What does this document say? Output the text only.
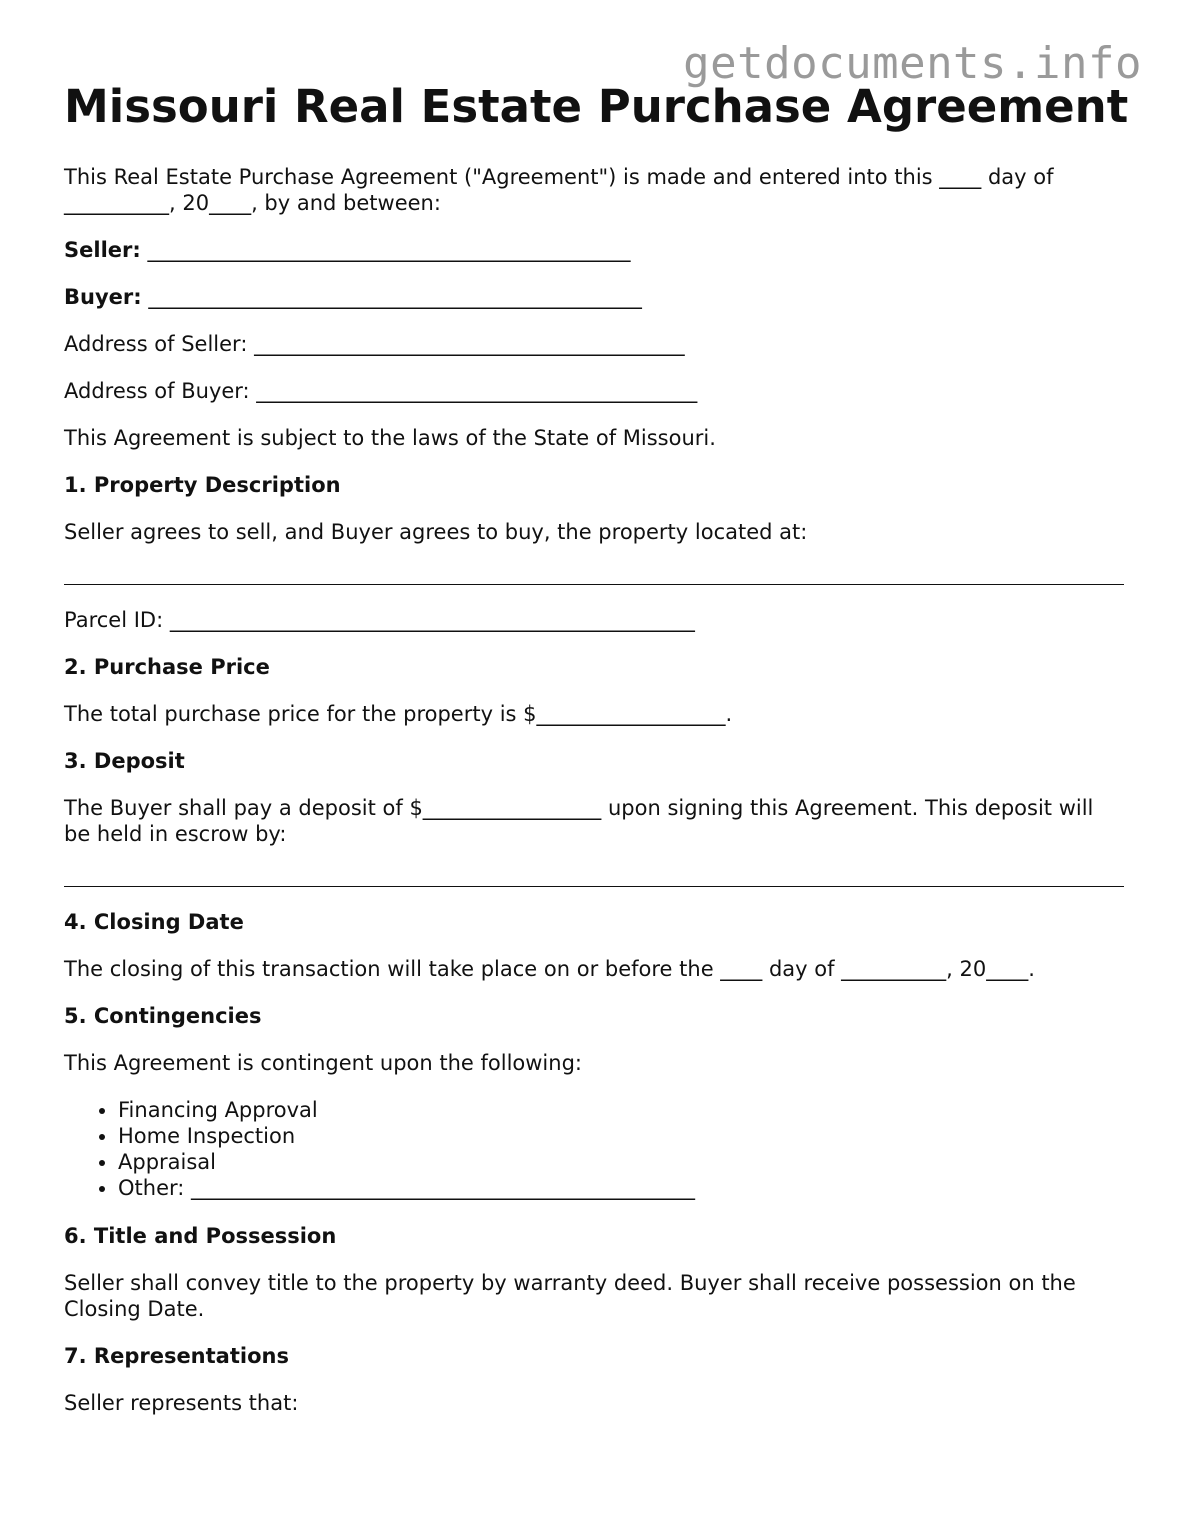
getdocuments.info
Missouri Real Estate Purchase Agreement

This Real Estate Purchase Agreement ("Agreement") is made and entered into this ____ day of __________, 20____, by and between:

Seller: ______________________________________________

Buyer: _______________________________________________

Address of Seller: _________________________________________

Address of Buyer: __________________________________________

This Agreement is subject to the laws of the State of Missouri.

1. Property Description

Seller agrees to sell, and Buyer agrees to buy, the property located at:

Parcel ID: __________________________________________________

2. Purchase Price

The total purchase price for the property is $__________________.

3. Deposit

The Buyer shall pay a deposit of $_________________ upon signing this Agreement. This deposit will be held in escrow by:

4. Closing Date

The closing of this transaction will take place on or before the ____ day of __________, 20____.

5. Contingencies

This Agreement is contingent upon the following:

• Financing Approval
• Home Inspection
• Appraisal
• Other: ________________________________________________
6. Title and Possession

Seller shall convey title to the property by warranty deed. Buyer shall receive possession on the Closing Date.

7. Representations

Seller represents that:
